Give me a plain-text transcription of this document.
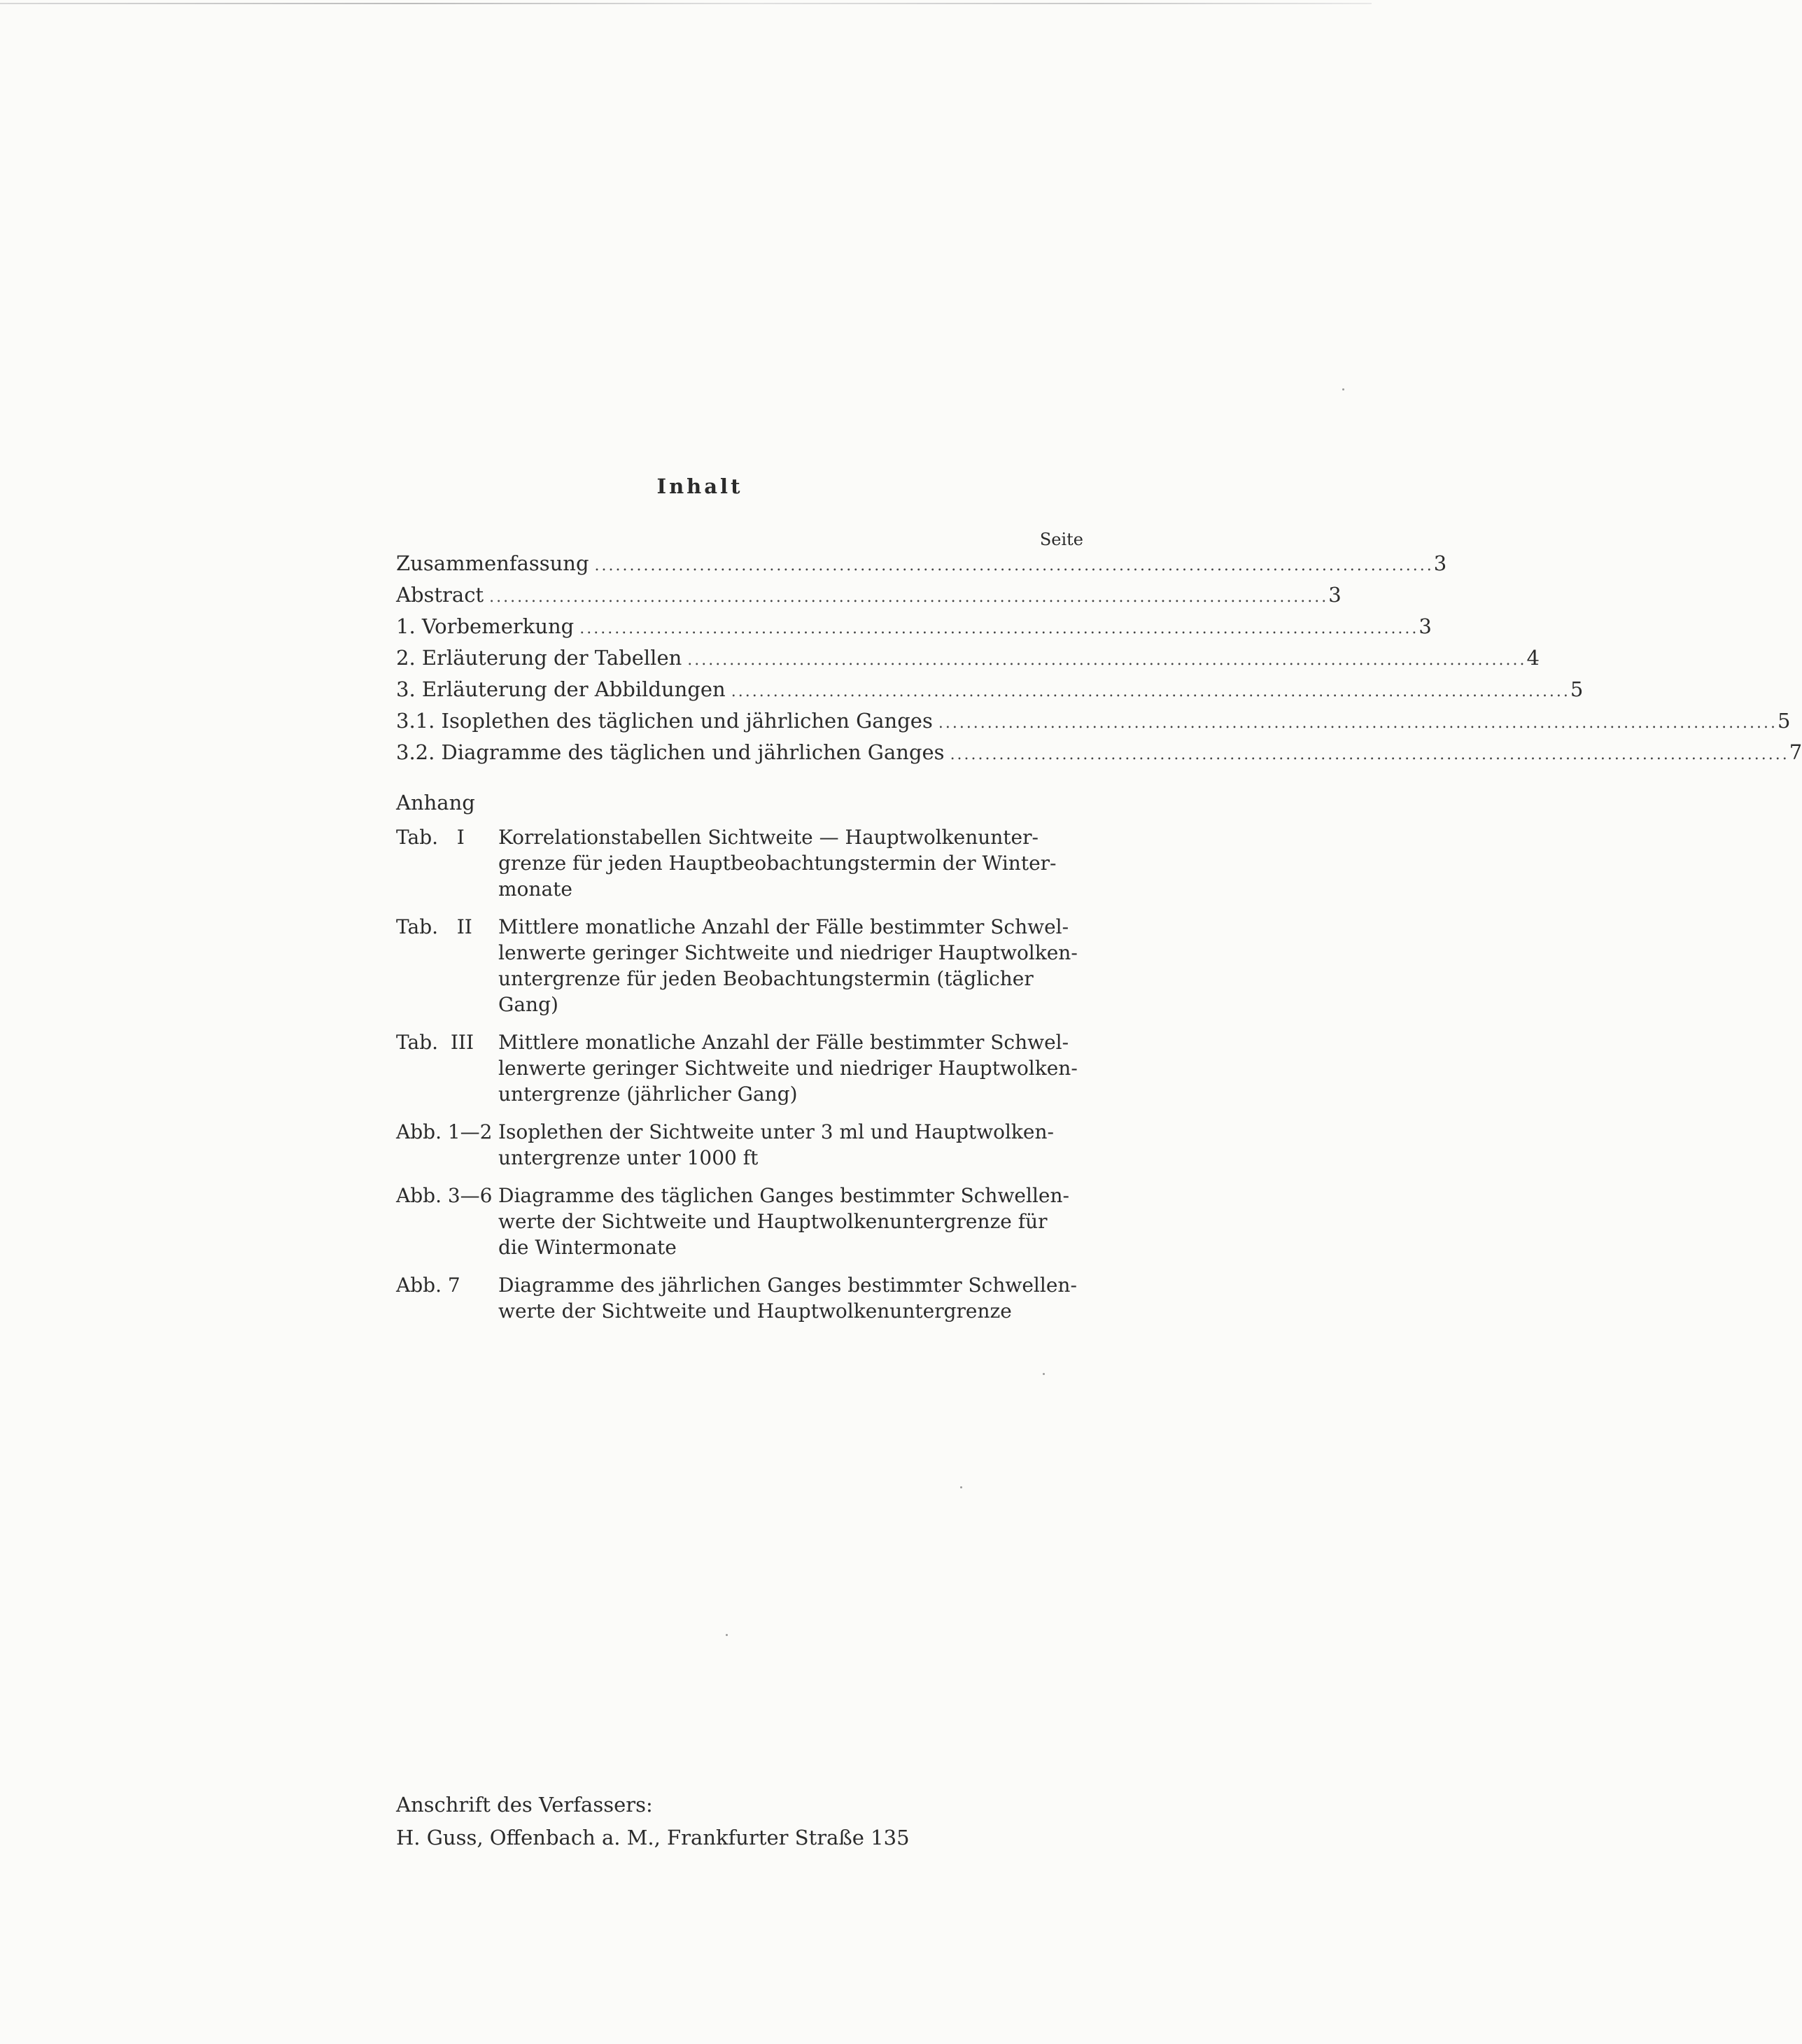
Inhalt
Seite
Zusammenfassung ........................................................................................................................ 3
Abstract ........................................................................................................................ 3
1. Vorbemerkung ........................................................................................................................ 3
2. Erläuterung der Tabellen ........................................................................................................................ 4
3. Erläuterung der Abbildungen ........................................................................................................................ 5
3.1. Isoplethen des täglichen und jährlichen Ganges ........................................................................................................................ 5
3.2. Diagramme des täglichen und jährlichen Ganges ........................................................................................................................ 7
Anhang
Tab.   I	Korrelationstabellen Sichtweite — Hauptwolkenunter-
grenze für jeden Hauptbeobachtungstermin der Winter-
monate
Tab.   II	Mittlere monatliche Anzahl der Fälle bestimmter Schwel-
lenwerte geringer Sichtweite und niedriger Hauptwolken-
untergrenze für jeden Beobachtungstermin (täglicher
Gang)
Tab.  III	Mittlere monatliche Anzahl der Fälle bestimmter Schwel-
lenwerte geringer Sichtweite und niedriger Hauptwolken-
untergrenze (jährlicher Gang)
Abb. 1—2 Isoplethen der Sichtweite unter 3 ml und Hauptwolken-
untergrenze unter 1000 ft
Abb. 3—6 Diagramme des täglichen Ganges bestimmter Schwellen-
werte der Sichtweite und Hauptwolkenuntergrenze für
die Wintermonate
Abb. 7	Diagramme des jährlichen Ganges bestimmter Schwellen-
werte der Sichtweite und Hauptwolkenuntergrenze
Anschrift des Verfassers:
H. Guss, Offenbach a. M., Frankfurter Straße 135
